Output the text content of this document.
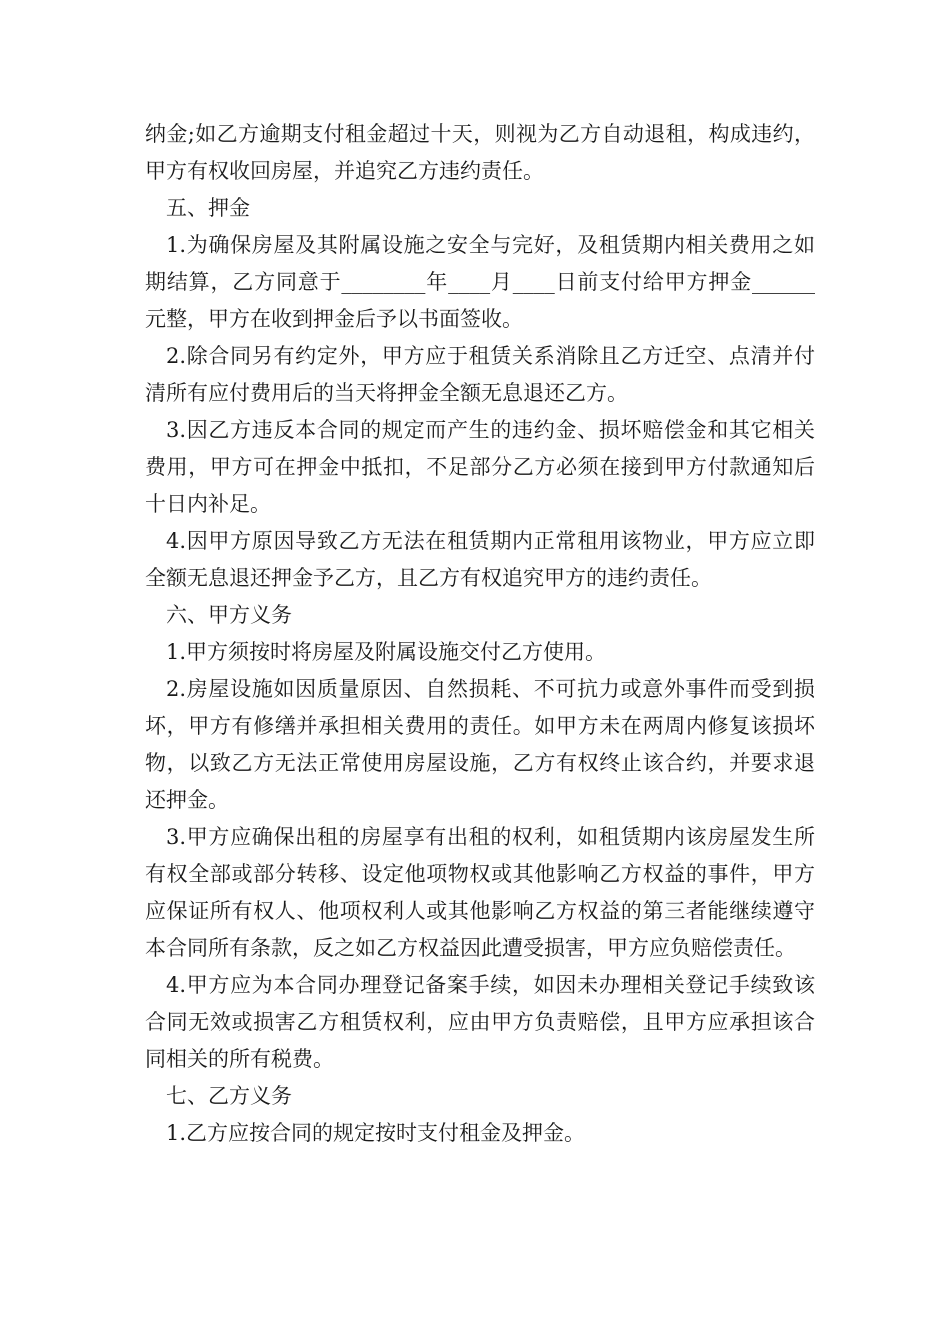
纳金;如乙方逾期支付租金超过十天，则视为乙方自动退租，构成违约，甲方有权收回房屋，并追究乙方违约责任。

五、押金

1.为确保房屋及其附属设施之安全与完好，及租赁期内相关费用之如期结算，乙方同意于________年____月____日前支付给甲方押金______元整，甲方在收到押金后予以书面签收。

2.除合同另有约定外，甲方应于租赁关系消除且乙方迁空、点清并付清所有应付费用后的当天将押金全额无息退还乙方。

3.因乙方违反本合同的规定而产生的违约金、损坏赔偿金和其它相关费用，甲方可在押金中抵扣，不足部分乙方必须在接到甲方付款通知后十日内补足。

4.因甲方原因导致乙方无法在租赁期内正常租用该物业，甲方应立即全额无息退还押金予乙方，且乙方有权追究甲方的违约责任。

六、甲方义务

1.甲方须按时将房屋及附属设施交付乙方使用。

2.房屋设施如因质量原因、自然损耗、不可抗力或意外事件而受到损坏，甲方有修缮并承担相关费用的责任。如甲方未在两周内修复该损坏物，以致乙方无法正常使用房屋设施，乙方有权终止该合约，并要求退还押金。

3.甲方应确保出租的房屋享有出租的权利，如租赁期内该房屋发生所有权全部或部分转移、设定他项物权或其他影响乙方权益的事件，甲方应保证所有权人、他项权利人或其他影响乙方权益的第三者能继续遵守本合同所有条款，反之如乙方权益因此遭受损害，甲方应负赔偿责任。

4.甲方应为本合同办理登记备案手续，如因未办理相关登记手续致该合同无效或损害乙方租赁权利，应由甲方负责赔偿，且甲方应承担该合同相关的所有税费。

七、乙方义务

1.乙方应按合同的规定按时支付租金及押金。
